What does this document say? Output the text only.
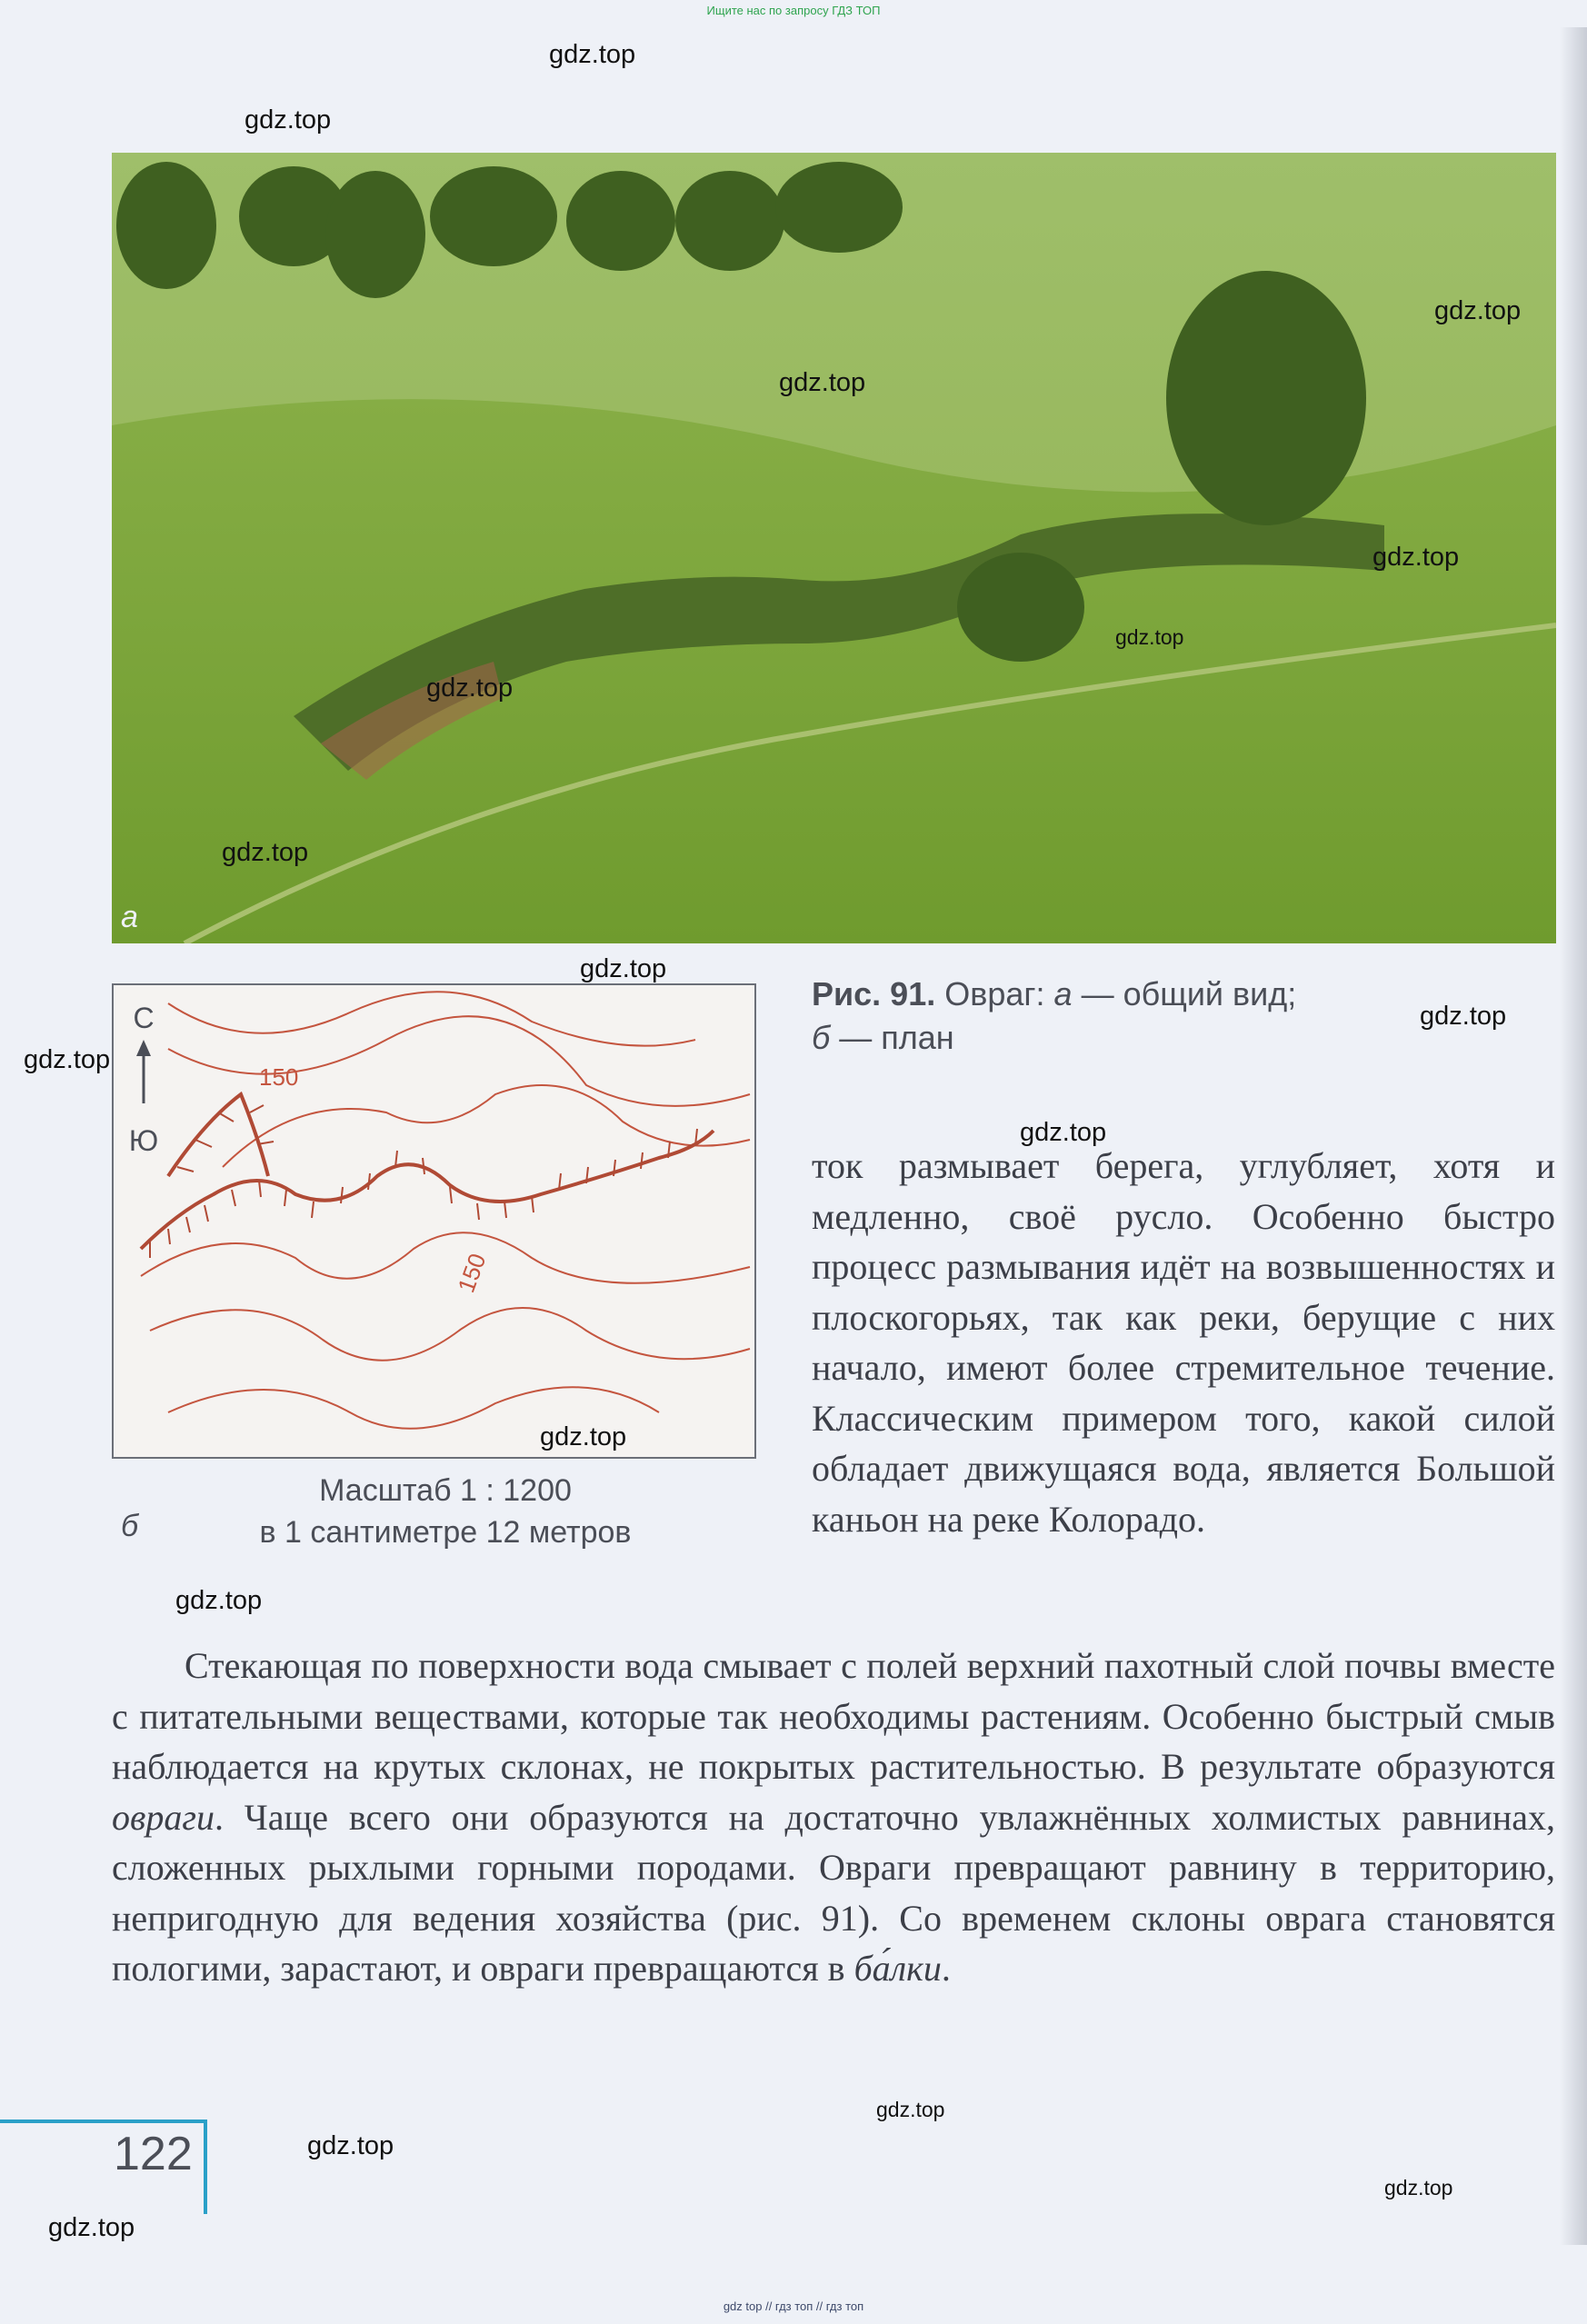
Ищите нас по запросу ГДЗ ТОП
а
150
150
С
Ю
Масштаб 1 : 1200
в 1 сантиметре 12 метров
б
Рис. 91. Овраг: а — общий вид;
б — план

ток размывает берега, углубляет, хотя и медленно, своё русло. Особенно быстро процесс размывания идёт на возвышенностях и плоскогорьях, так как реки, берущие с них начало, имеют более стремительное течение. Классическим примером того, какой силой обладает движущаяся вода, является Большой каньон на реке Колорадо.

Стекающая по поверхности вода смывает с полей верхний пахотный слой почвы вместе с питательными веществами, которые так необходимы растениям. Особенно быстрый смыв наблюдается на крутых склонах, не покрытых растительностью. В результате образуются овраги. Чаще всего они образуются на достаточно увлажнённых холмистых равнинах, сложенных рыхлыми горными породами. Овраги превращают равнину в территорию, непригодную для ведения хозяйства (рис. 91). Со временем склоны оврага становятся пологими, зарастают, и овраги превращаются в ба́лки.

122
gdz.top
gdz.top
gdz.top
gdz.top
gdz.top
gdz.top
gdz.top
gdz.top
gdz.top
gdz.top
gdz.top
gdz.top
gdz.top
gdz.top
gdz.top
gdz.top
gdz.top
gdz.top
gdz top // гдз топ // гдз топ
